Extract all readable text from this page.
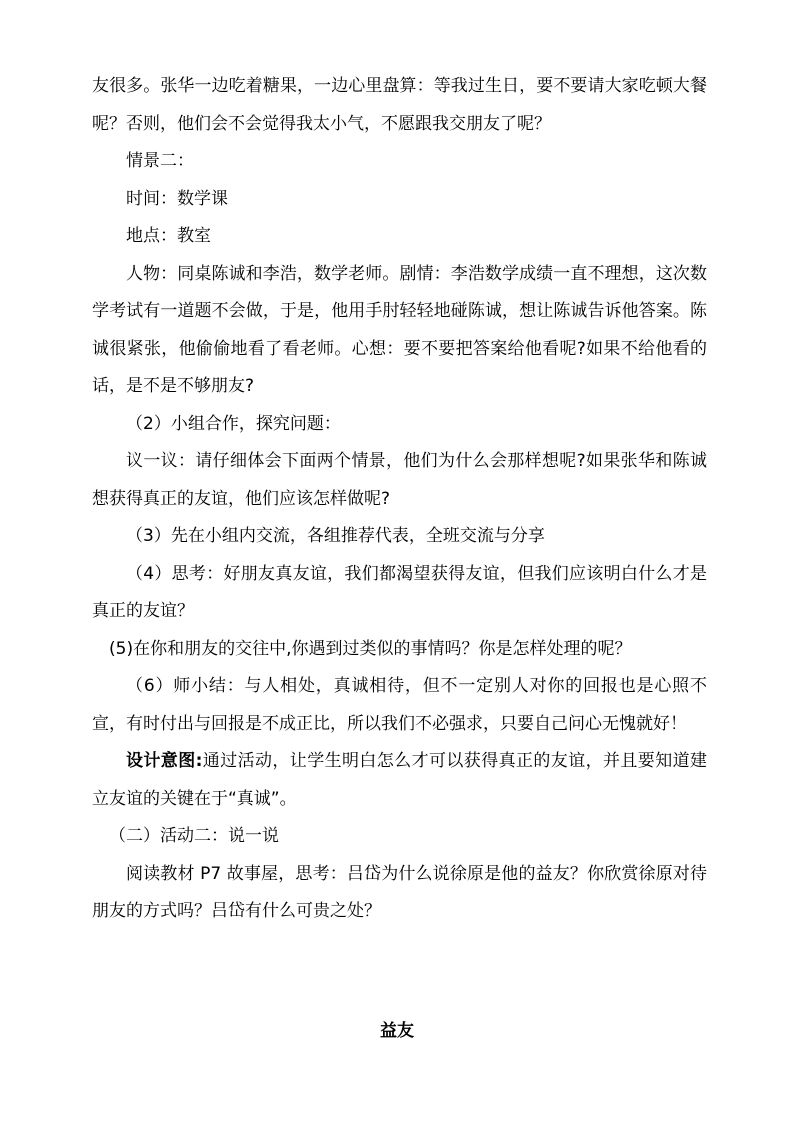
友很多。张华一边吃着糖果，一边心里盘算：等我过生日，要不要请大家吃顿大餐呢？否则，他们会不会觉得我太小气，不愿跟我交朋友了呢？

情景二：

时间：数学课

地点：教室

人物：同桌陈诚和李浩，数学老师。剧情：李浩数学成绩一直不理想，这次数学考试有一道题不会做，于是，他用手肘轻轻地碰陈诚，想让陈诚告诉他答案。陈诚很紧张，他偷偷地看了看老师。心想：要不要把答案给他看呢?如果不给他看的话，是不是不够朋友?

（2）小组合作，探究问题：

议一议：请仔细体会下面两个情景，他们为什么会那样想呢?如果张华和陈诚想获得真正的友谊，他们应该怎样做呢?

（3）先在小组内交流，各组推荐代表，全班交流与分享

（4）思考：好朋友真友谊，我们都渴望获得友谊，但我们应该明白什么才是真正的友谊？

(5)在你和朋友的交往中,你遇到过类似的事情吗？你是怎样处理的呢？

（6）师小结：与人相处，真诚相待，但不一定别人对你的回报也是心照不宣，有时付出与回报是不成正比，所以我们不必强求，只要自己问心无愧就好！

设计意图:通过活动，让学生明白怎么才可以获得真正的友谊，并且要知道建立友谊的关键在于“真诚”。

（二）活动二：说一说

阅读教材 P7 故事屋，思考：吕岱为什么说徐原是他的益友？你欣赏徐原对待朋友的方式吗？吕岱有什么可贵之处？

益友
